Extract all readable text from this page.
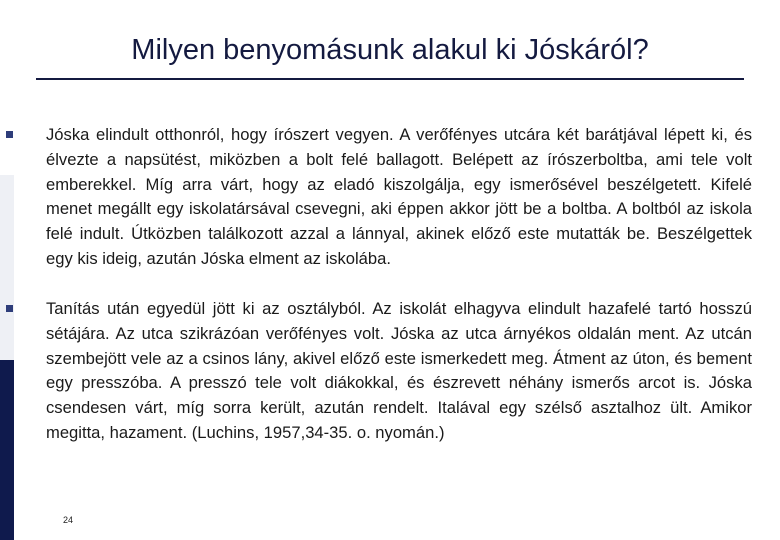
Milyen benyomásunk alakul ki Jóskáról?

Jóska elindult otthonról, hogy írószert vegyen. A verőfényes utcára két barátjával lépett ki, és élvezte a napsütést, miközben a bolt felé ballagott. Belépett az írószerboltba, ami tele volt emberekkel. Míg arra várt, hogy az eladó kiszolgálja, egy ismerősével beszélgetett. Kifelé menet megállt egy iskolatársával csevegni, aki éppen akkor jött be a boltba. A boltból az iskola felé indult. Útközben találkozott azzal a lánnyal, akinek előző este mutatták be. Beszélgettek egy kis ideig, azután Jóska elment az iskolába.

Tanítás után egyedül jött ki az osztályból. Az iskolát elhagyva elindult hazafelé tartó hosszú sétájára. Az utca szikrázóan verőfényes volt. Jóska az utca árnyékos oldalán ment. Az utcán szembejött vele az a csinos lány, akivel előző este ismerkedett meg. Átment az úton, és bement egy presszóba. A presszó tele volt diákokkal, és észrevett néhány ismerős arcot is. Jóska csendesen várt, míg sorra került, azután rendelt. Italával egy szélső asztalhoz ült. Amikor megitta, hazament. (Luchins, 1957,34-35. o. nyomán.)

24
